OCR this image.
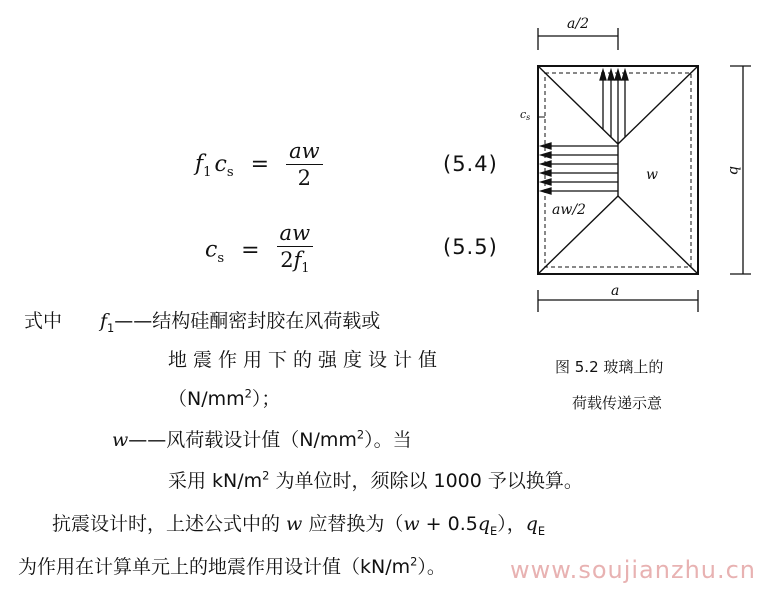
$f_1$ $c_s = \frac{aw}{2}$	(5.4)
$c_s = \frac{aw}{2f_1}$	(5.5)
式中 $f_1——$结构硅酮密封胶在风荷载或
地震作用下的强度设计值
$(N/mm^2)$；
w——风荷载设计值$(N/mm^2)$。当
采用 $kN/m^2$ 为单位时，须除以 1000 予以换算。
抗震设计时，上述公式中的 w 应替换为$(w + 0.5q_E)$，$q_E$
为作用在计算单元上的地震作用设计值$(kN/m^2)$。	www.soujianzhu.cn
a/2
cs
w
aw/2
b
a
图 5.2 玻璃上的
荷载传递示意
